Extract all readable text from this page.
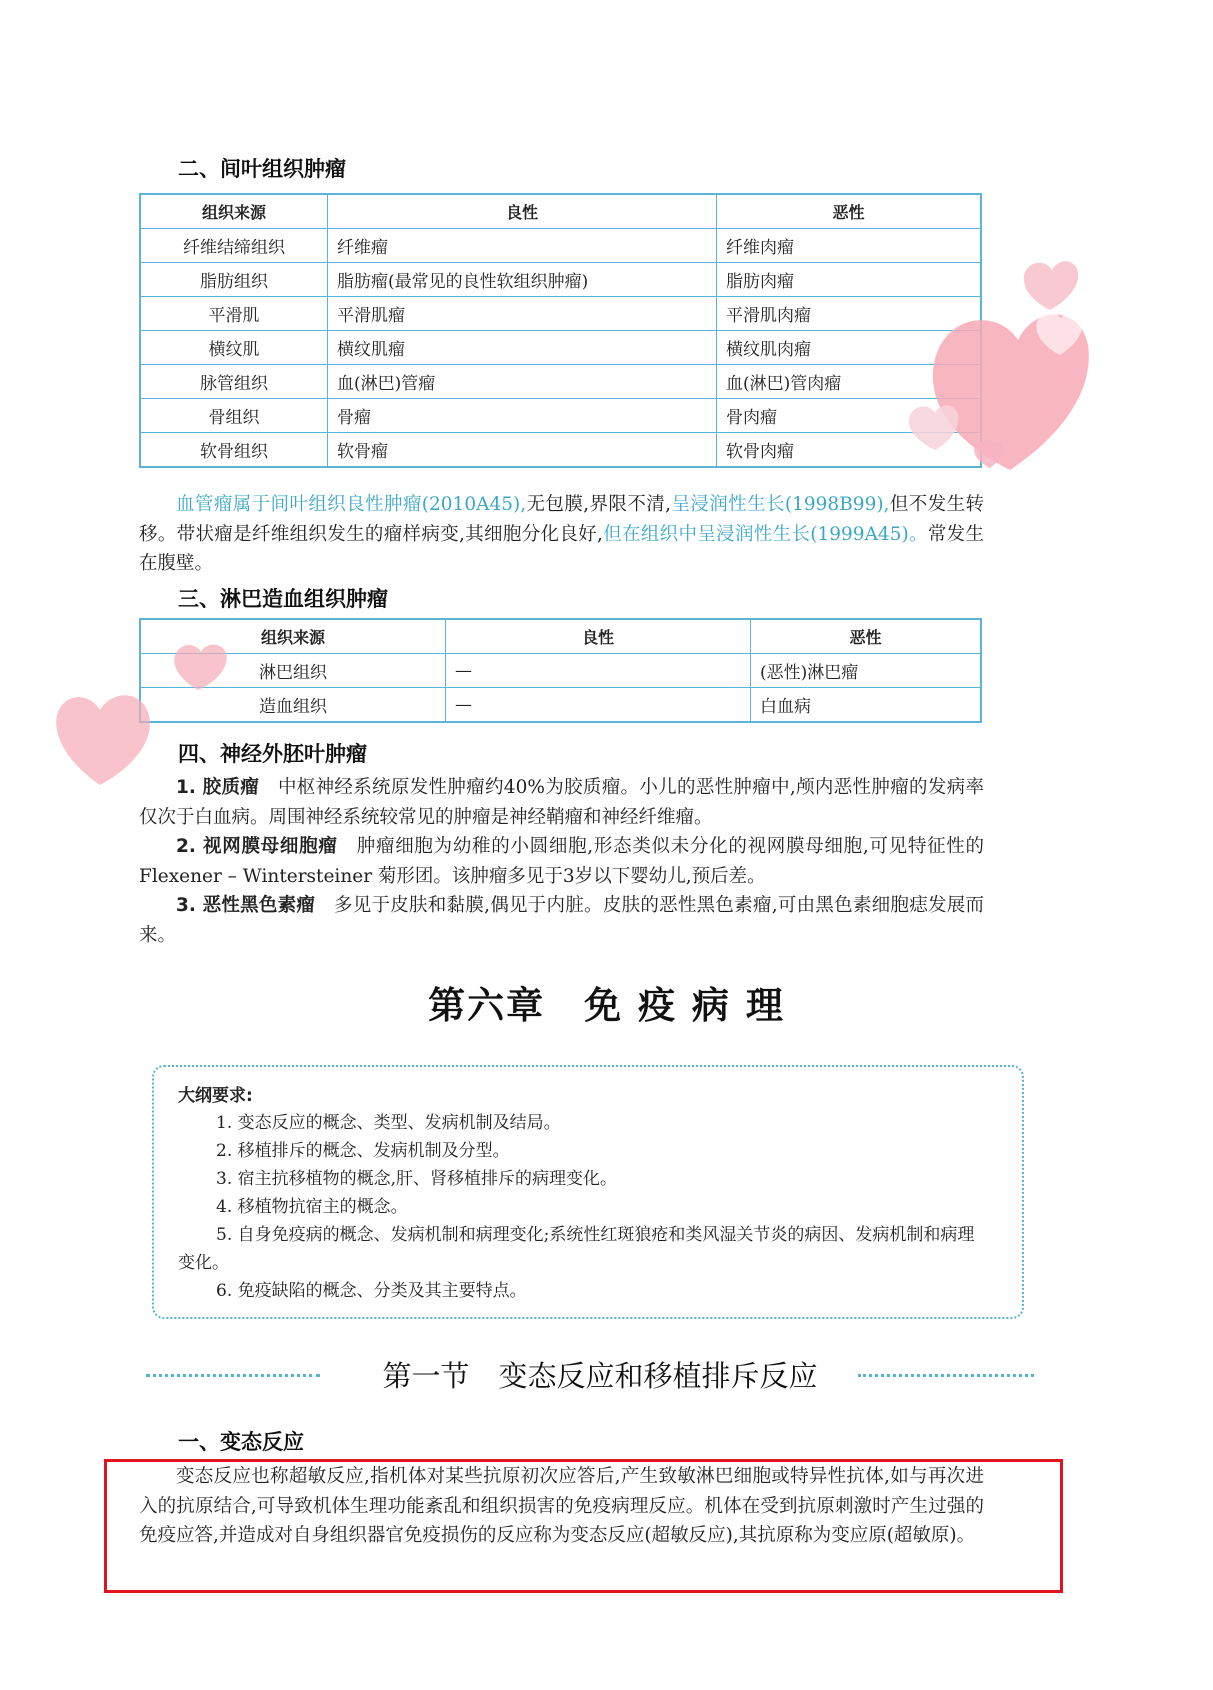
二、间叶组织肿瘤
组织来源	良性	恶性
纤维结缔组织	纤维瘤	纤维肉瘤
脂肪组织	脂肪瘤(最常见的良性软组织肿瘤)	脂肪肉瘤
平滑肌	平滑肌瘤	平滑肌肉瘤
横纹肌	横纹肌瘤	横纹肌肉瘤
脉管组织	血(淋巴)管瘤	血(淋巴)管肉瘤
骨组织	骨瘤	骨肉瘤
软骨组织	软骨瘤	软骨肉瘤
血管瘤属于间叶组织良性肿瘤(2010A45),无包膜,界限不清,呈浸润性生长(1998B99),但不发生转移。带状瘤是纤维组织发生的瘤样病变,其细胞分化良好,但在组织中呈浸润性生长(1999A45)。常发生在腹壁。
三、淋巴造血组织肿瘤
组织来源	良性	恶性
淋巴组织	—	(恶性)淋巴瘤
造血组织	—	白血病
四、神经外胚叶肿瘤
1. 胶质瘤　 中枢神经系统原发性肿瘤约40%为胶质瘤。小儿的恶性肿瘤中,颅内恶性肿瘤的发病率仅次于白血病。周围神经系统较常见的肿瘤是神经鞘瘤和神经纤维瘤。
2. 视网膜母细胞瘤　 肿瘤细胞为幼稚的小圆细胞,形态类似未分化的视网膜母细胞,可见特征性的Flexener – Wintersteiner 菊形团。该肿瘤多见于3岁以下婴幼儿,预后差。
3. 恶性黑色素瘤　 多见于皮肤和黏膜,偶见于内脏。皮肤的恶性黑色素瘤,可由黑色素细胞痣发展而来。
第六章　免 疫 病 理
大纲要求:
1. 变态反应的概念、类型、发病机制及结局。
2. 移植排斥的概念、发病机制及分型。
3. 宿主抗移植物的概念,肝、肾移植排斥的病理变化。
4. 移植物抗宿主的概念。
5. 自身免疫病的概念、发病机制和病理变化;系统性红斑狼疮和类风湿关节炎的病因、发病机制和病理变化。
6. 免疫缺陷的概念、分类及其主要特点。
第一节　变态反应和移植排斥反应
一、变态反应
变态反应也称超敏反应,指机体对某些抗原初次应答后,产生致敏淋巴细胞或特异性抗体,如与再次进入的抗原结合,可导致机体生理功能紊乱和组织损害的免疫病理反应。机体在受到抗原刺激时产生过强的免疫应答,并造成对自身组织器官免疫损伤的反应称为变态反应(超敏反应),其抗原称为变应原(超敏原)。
